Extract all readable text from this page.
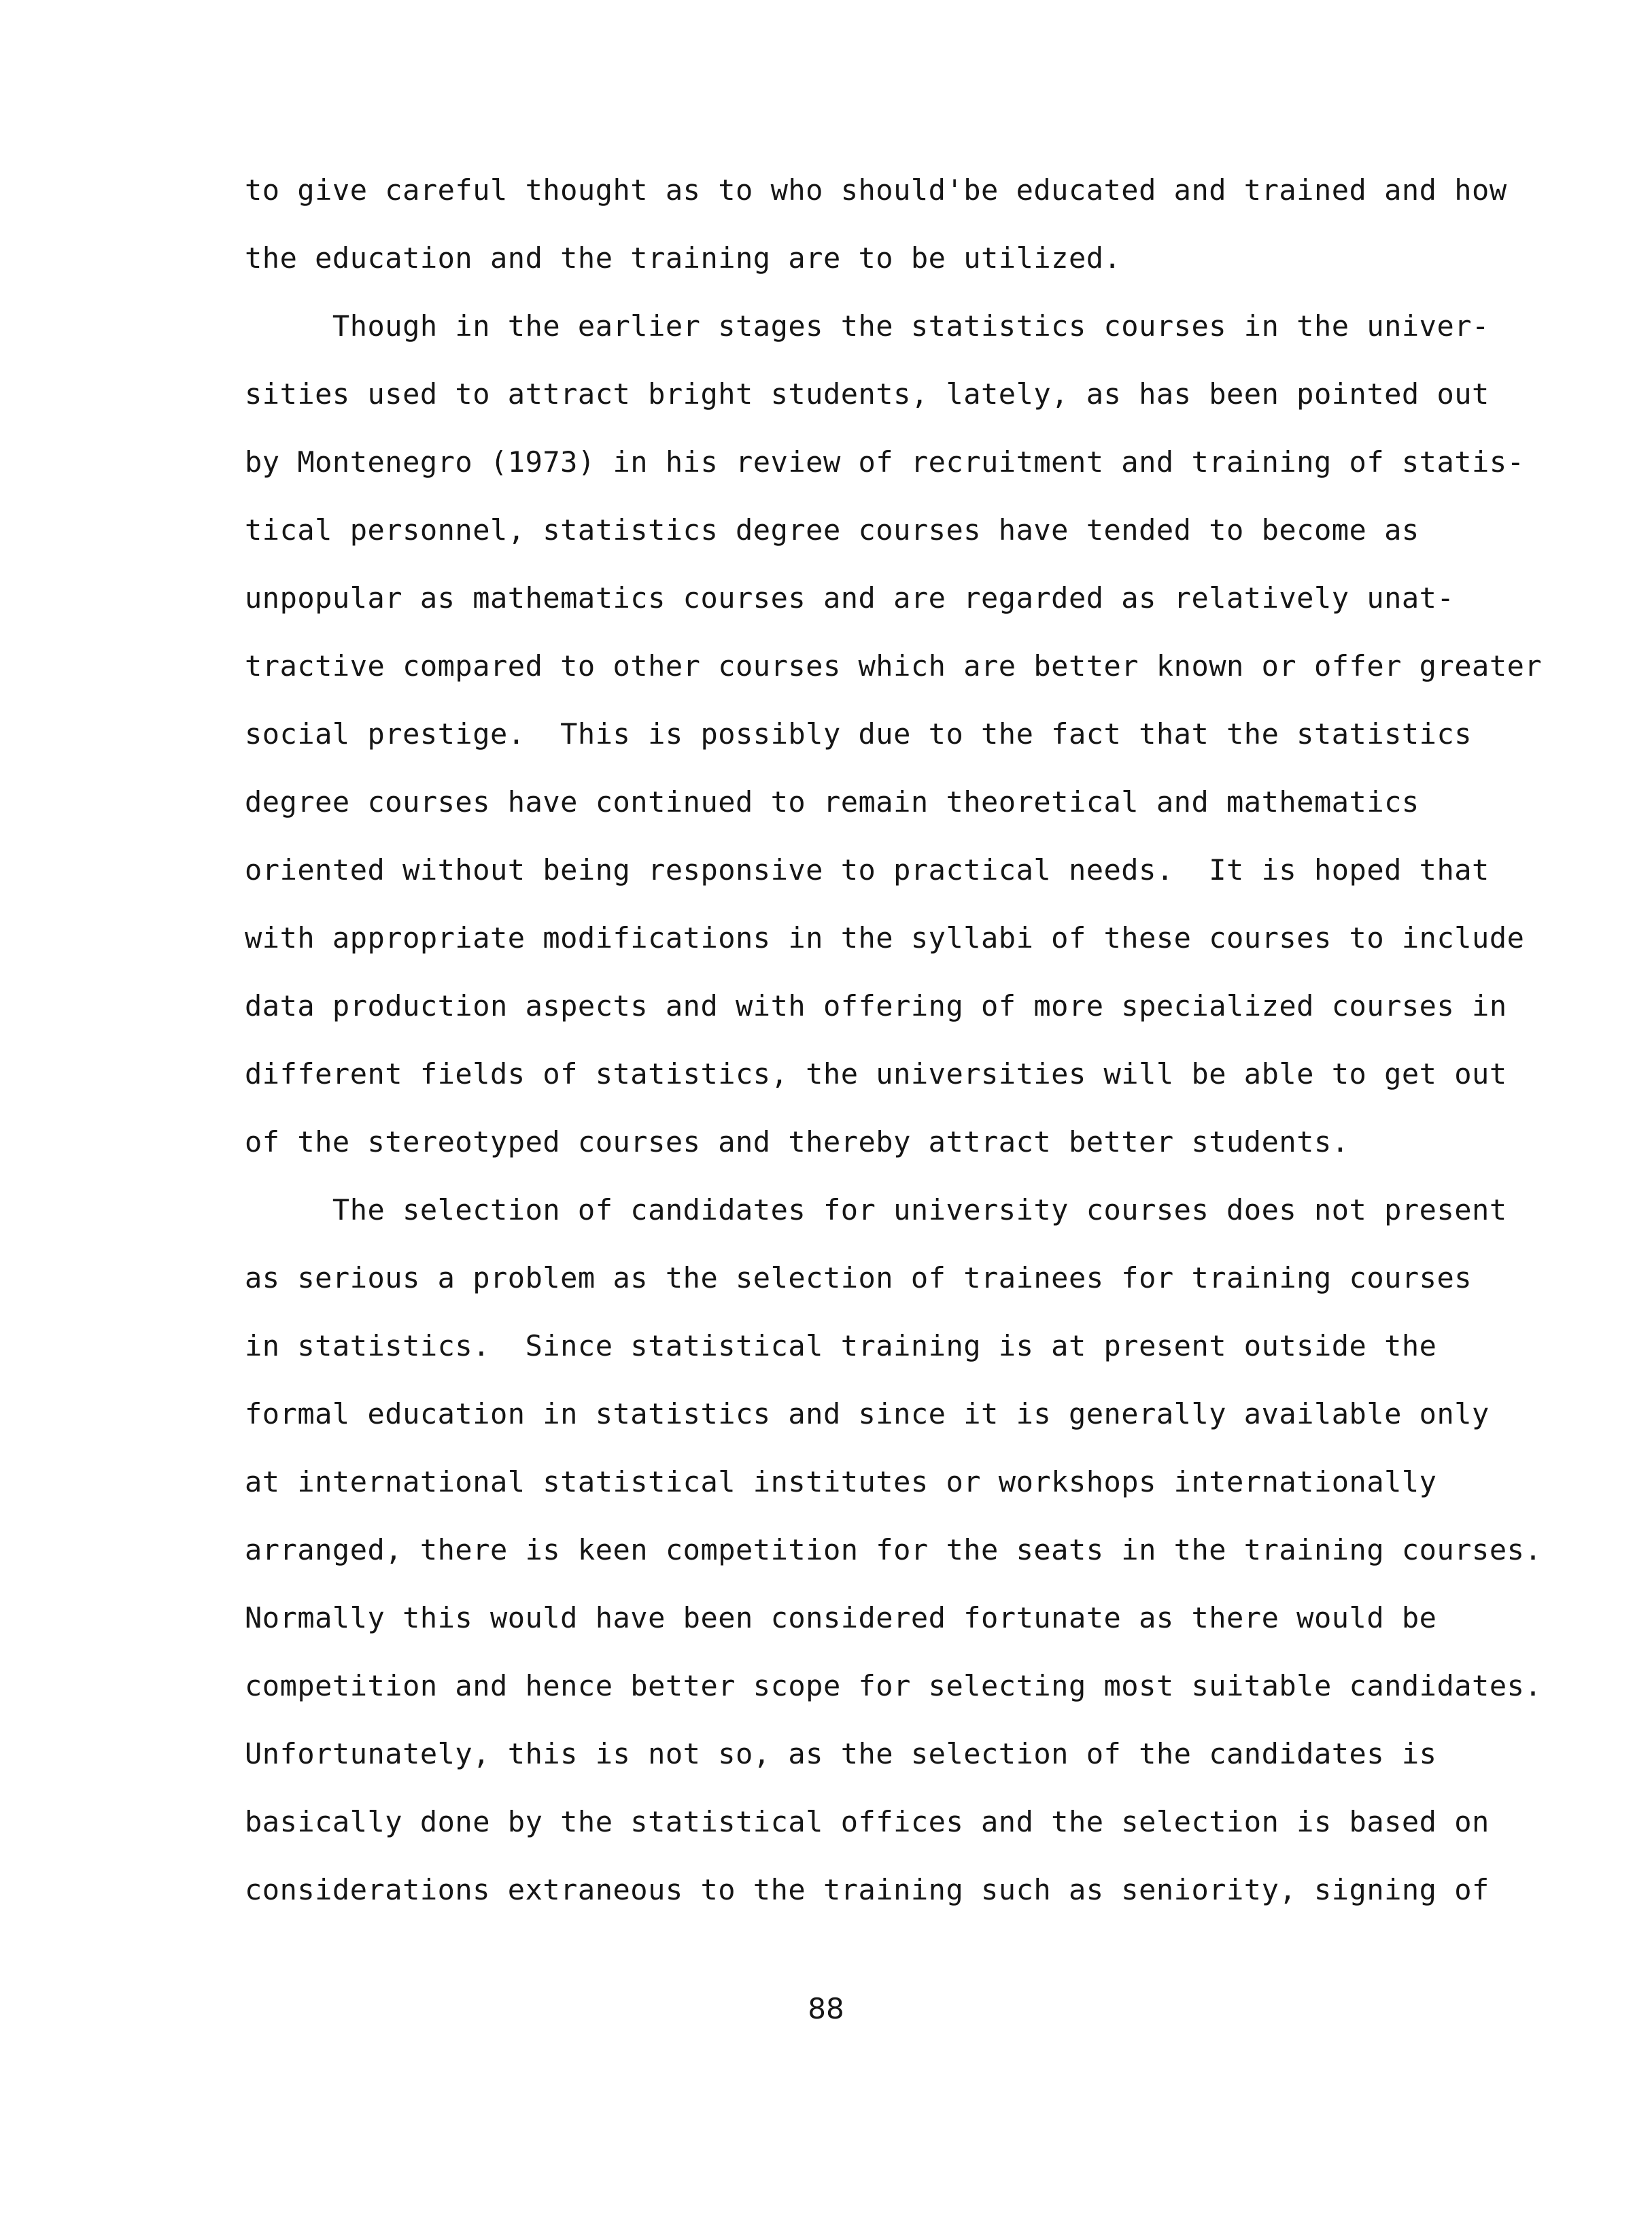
to give careful thought as to who should'be educated and trained and how
the education and the training are to be utilized.
Though in the earlier stages the statistics courses in the univer-
sities used to attract bright students, lately, as has been pointed out
by Montenegro (1973) in his review of recruitment and training of statis-
tical personnel, statistics degree courses have tended to become as
unpopular as mathematics courses and are regarded as relatively unat-
tractive compared to other courses which are better known or offer greater
social prestige.  This is possibly due to the fact that the statistics
degree courses have continued to remain theoretical and mathematics
oriented without being responsive to practical needs.  It is hoped that
with appropriate modifications in the syllabi of these courses to include
data production aspects and with offering of more specialized courses in
different fields of statistics, the universities will be able to get out
of the stereotyped courses and thereby attract better students.
The selection of candidates for university courses does not present
as serious a problem as the selection of trainees for training courses
in statistics.  Since statistical training is at present outside the
formal education in statistics and since it is generally available only
at international statistical institutes or workshops internationally
arranged, there is keen competition for the seats in the training courses.
Normally this would have been considered fortunate as there would be
competition and hence better scope for selecting most suitable candidates.
Unfortunately, this is not so, as the selection of the candidates is
basically done by the statistical offices and the selection is based on
considerations extraneous to the training such as seniority, signing of
88
